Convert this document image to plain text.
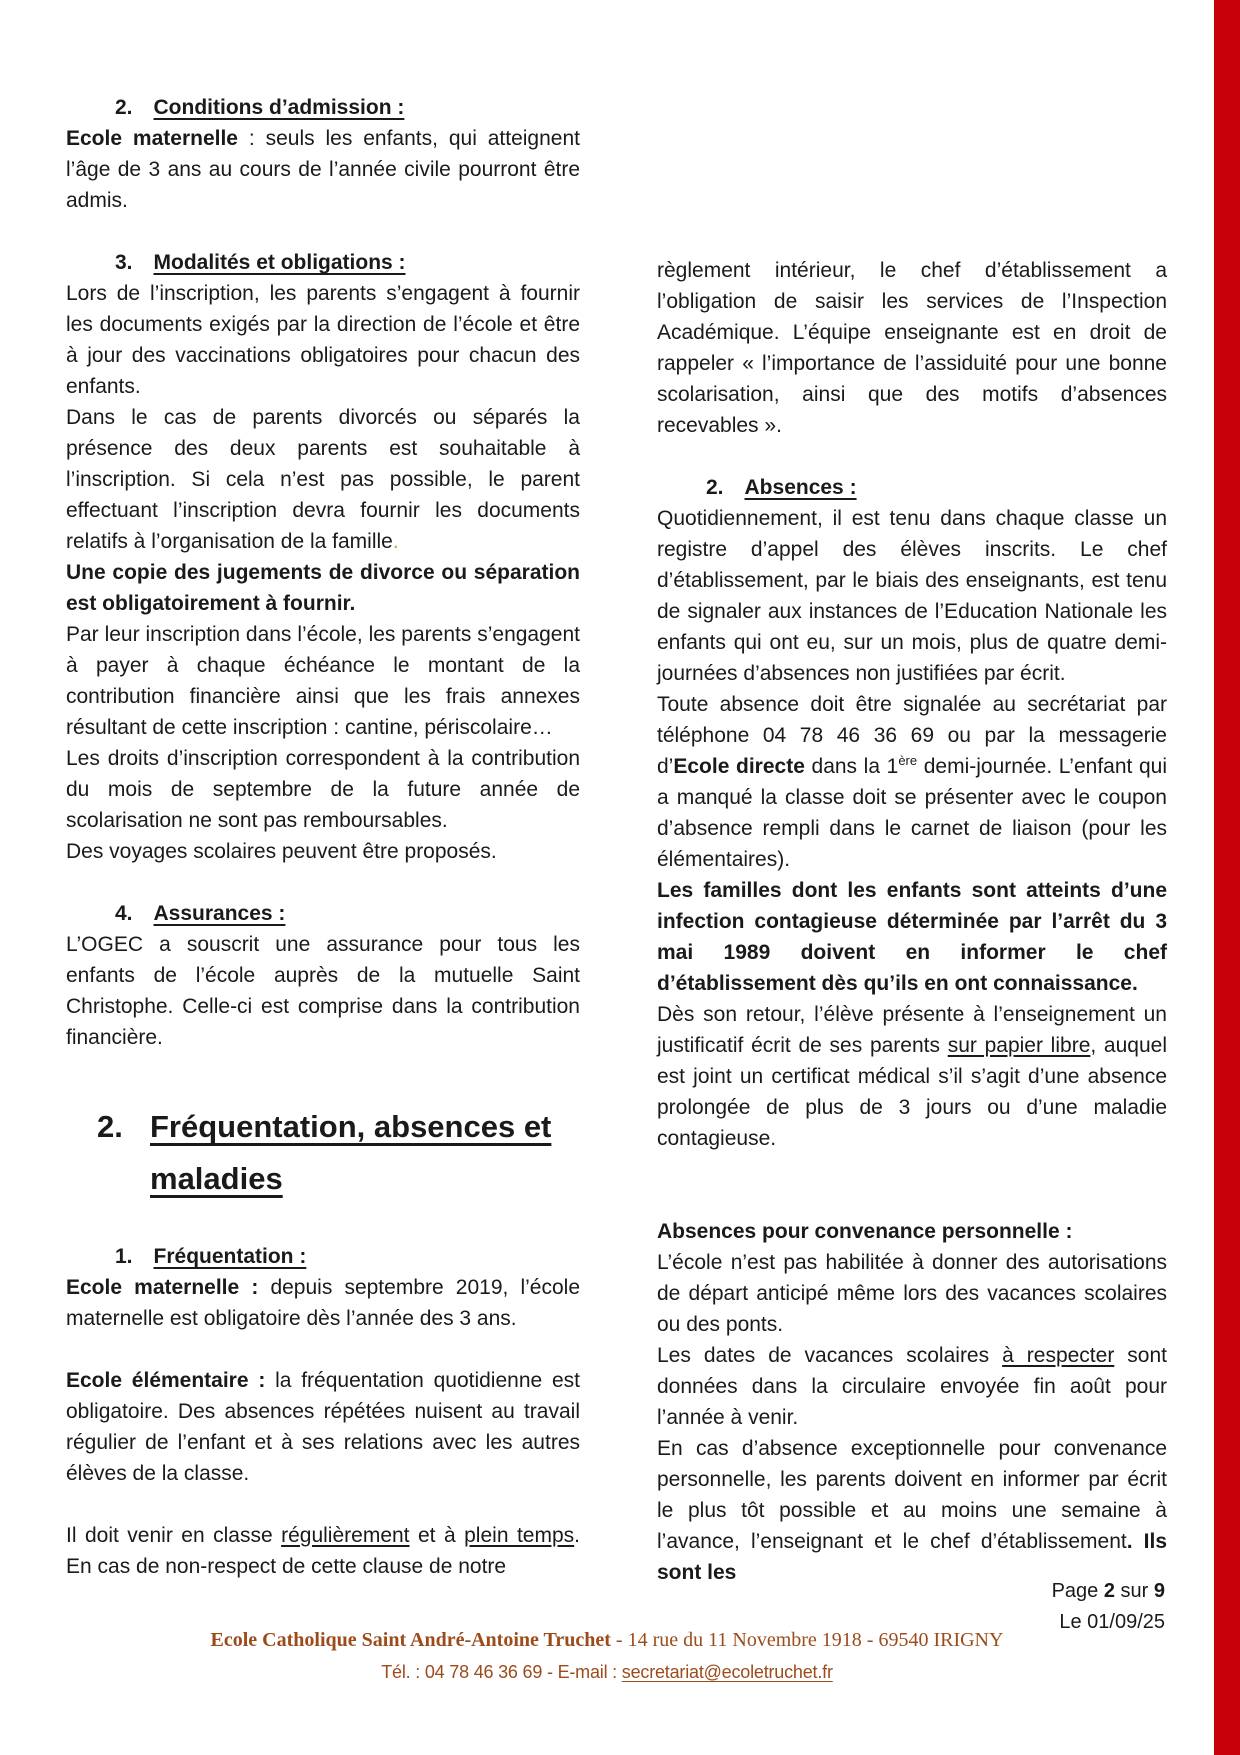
2. Conditions d’admission :

Ecole maternelle : seuls les enfants, qui atteignent l’âge de 3 ans au cours de l’année civile pourront être admis.

3. Modalités et obligations :

Lors de l’inscription, les parents s’engagent à fournir les documents exigés par la direction de l’école et être à jour des vaccinations obligatoires pour chacun des enfants.

Dans le cas de parents divorcés ou séparés la présence des deux parents est souhaitable à l’inscription. Si cela n’est pas possible, le parent effectuant l’inscription devra fournir les documents relatifs à l’organisation de la famille.

Une copie des jugements de divorce ou séparation est obligatoirement à fournir.

Par leur inscription dans l’école, les parents s’engagent à payer à chaque échéance le montant de la contribution financière ainsi que les frais annexes résultant de cette inscription : cantine, périscolaire…

Les droits d’inscription correspondent à la contribution du mois de septembre de la future année de scolarisation ne sont pas remboursables.

Des voyages scolaires peuvent être proposés.

4. Assurances :

L’OGEC a souscrit une assurance pour tous les enfants de l’école auprès de la mutuelle Saint Christophe. Celle-ci est comprise dans la contribution financière.

2. Fréquentation, absences et
maladies

1. Fréquentation :

Ecole maternelle : depuis septembre 2019, l’école maternelle est obligatoire dès l’année des 3 ans.

Ecole élémentaire : la fréquentation quotidienne est obligatoire. Des absences répétées nuisent au travail régulier de l’enfant et à ses relations avec les autres élèves de la classe.

Il doit venir en classe régulièrement et à plein temps. En cas de non-respect de cette clause de notre

règlement intérieur, le chef d’établissement a l’obligation de saisir les services de l’Inspection Académique. L’équipe enseignante est en droit de rappeler « l’importance de l’assiduité pour une bonne scolarisation, ainsi que des motifs d’absences recevables ».

2. Absences :

Quotidiennement, il est tenu dans chaque classe un registre d’appel des élèves inscrits. Le chef d’établissement, par le biais des enseignants, est tenu de signaler aux instances de l’Education Nationale les enfants qui ont eu, sur un mois, plus de quatre demi-journées d’absences non justifiées par écrit.

Toute absence doit être signalée au secrétariat par téléphone 04 78 46 36 69 ou par la messagerie d’Ecole directe dans la 1ère demi-journée. L’enfant qui a manqué la classe doit se présenter avec le coupon d’absence rempli dans le carnet de liaison (pour les élémentaires).

Les familles dont les enfants sont atteints d’une infection contagieuse déterminée par l’arrêt du 3 mai 1989 doivent en informer le chef d’établissement dès qu’ils en ont connaissance.

Dès son retour, l’élève présente à l’enseignement un justificatif écrit de ses parents sur papier libre, auquel est joint un certificat médical s’il s’agit d’une absence prolongée de plus de 3 jours ou d’une maladie contagieuse.

Absences pour convenance personnelle :

L’école n’est pas habilitée à donner des autorisations de départ anticipé même lors des vacances scolaires ou des ponts.

Les dates de vacances scolaires à respecter sont données dans la circulaire envoyée fin août pour l’année à venir.

En cas d’absence exceptionnelle pour convenance personnelle, les parents doivent en informer par écrit le plus tôt possible et au moins une semaine à l’avance, l’enseignant et le chef d’établissement. Ils sont les

Page 2 sur 9
Le 01/09/25
Ecole Catholique Saint André-Antoine Truchet - 14 rue du 11 Novembre 1918 - 69540 IRIGNY
Tél. : 04 78 46 36 69 - E-mail : secretariat@ecoletruchet.fr
